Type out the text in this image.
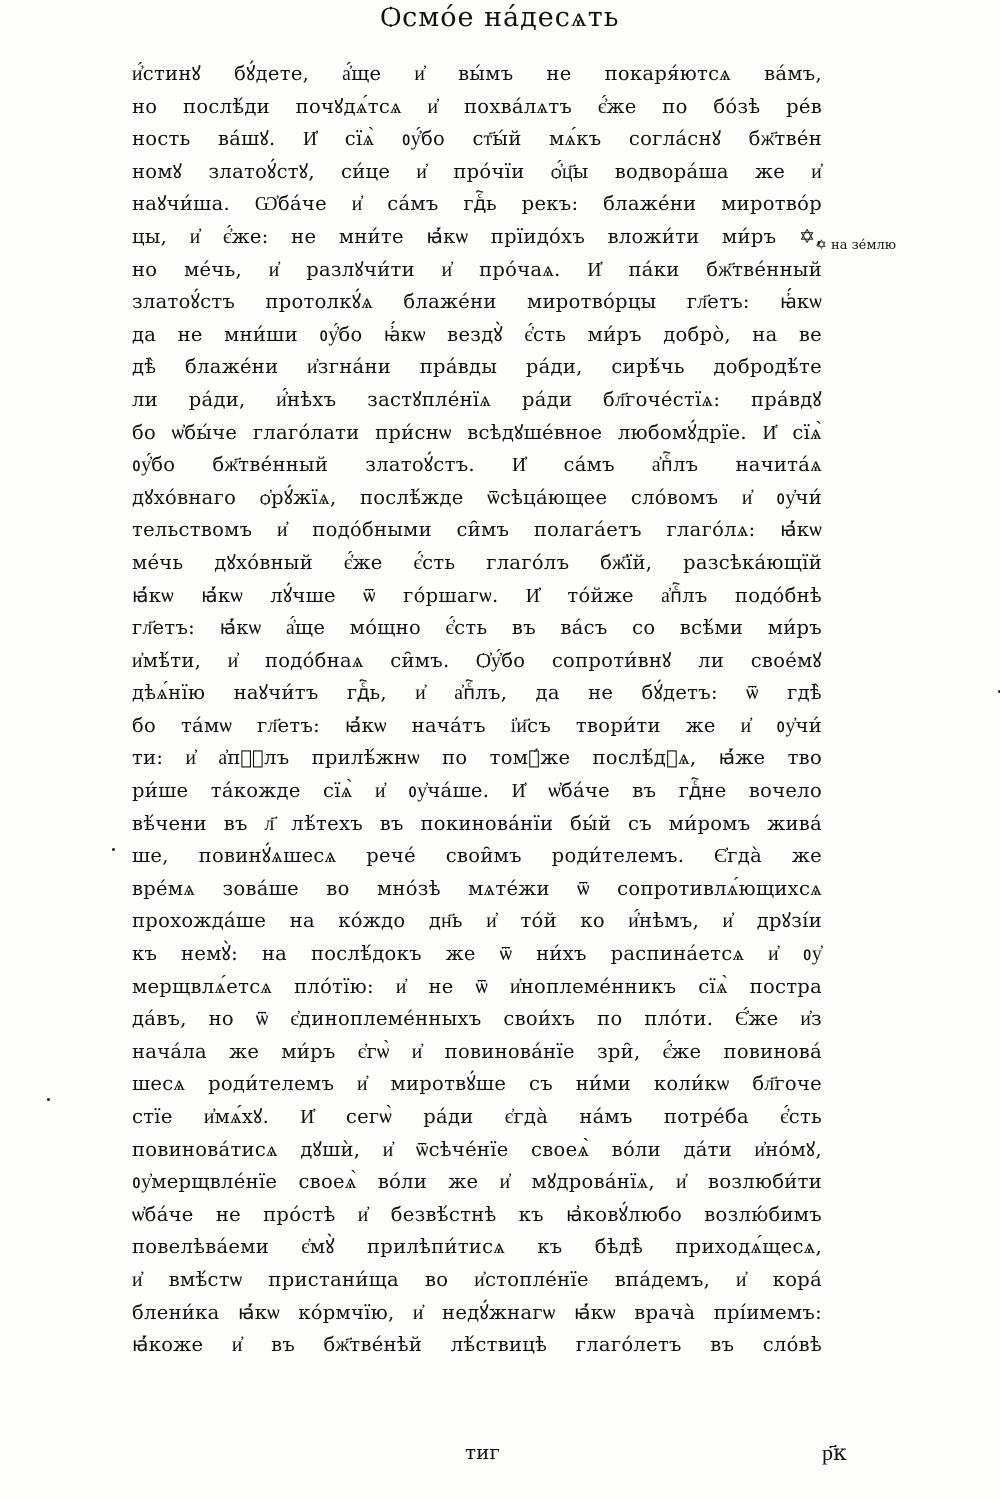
Ѻсмо́е на́десѧть
и҆́стинꙋ бꙋ́дете, а҆́ще и҆ вы́мъ не покаря́ютсѧ ва́мъ,
но послѣ́ди почꙋдѧ́тсѧ и҆ похва́лѧтъ є҆́же по бо́зѣ ре́в
ность ва́шꙋ. И҆ сїѧ̀ ᲂу҆́бо ст҃ы́й мѧ́къ согла́снꙋ бж҃тве́н
номꙋ златоꙋ́стꙋ, си́це и҆ про́чїи ѻ҆́ц҃ы водвора́ша же и҆
наꙋчи́ша. Ѡ҆ба́че и҆ са́мъ гдⷭ҇ь рекъ: блаже́ни миротво́р
цы, и҆ є҆́же: не мни́те ꙗ҆́кѡ прїидо́хъ вложи́ти ми́ръ ✡,
но ме́чь, и҆ разлꙋчи́ти и҆ про́чаѧ. И҆ па́ки бж҃тве́нный
златоꙋ́стъ протолкꙋ́ѧ блаже́ни миротво́рцы гл҃етъ: ꙗ҆́кѡ
да не мни́ши ᲂу҆́бо ꙗ҆́кѡ вездꙋ̀ є҆́сть ми́ръ добро̀, на ве
дѣ̀ блаже́ни и҆згна́ни пра́вды ра́ди, сирѣ́чь добродѣ́те
ли ра́ди, и҆́нѣхъ застꙋпле́нїѧ ра́ди бл҃гоче́стїѧ: пра́вдꙋ
бо ѡ҆бы́че глаго́лати при́снѡ всѣдꙋше́вное любомꙋ́дрїе. И҆ сїѧ̀
ᲂу҆́бо бж҃тве́нный златоꙋ́стъ. И҆ са́мъ а҆пⷭ҇лъ начита́ѧ
дꙋхо́внаго ѻ҆рꙋ́жїѧ, послѣ́жде ѿсѣца́ющее сло́вомъ и҆ ᲂу҆чи́
тельствомъ и҆ подо́бными си̑мъ полага́етъ глаго́лѧ: ꙗ҆́кѡ
ме́чь дꙋхо́вный є҆́же є҆́сть глаго́лъ бж҃їй, разсѣка́ющїй
ꙗ҆́кѡ ꙗ҆́кѡ лꙋ́чше ѿ го́ршагѡ. И҆ то́йже а҆пⷭ҇лъ подо́бнѣ
гл҃етъ: ꙗ҆́кѡ а҆́ще мо́щно є҆́сть въ ва́съ со всѣ́ми ми́ръ
и҆мѣ́ти, и҆ подо́бнаѧ си̑мъ. Ѻ҆у҆́бо сопроти́внꙋ ли свое́мꙋ
дѣѧ́нїю наꙋчи́тъ гдⷭ҇ь, и҆ а҆пⷭ҇лъ, да не бꙋ́детъ: ѿ гдѣ̀
бо та́мѡ гл҃етъ: ꙗ҆́кѡ нача́тъ і҆и҃съ твори́ти же и҆ ᲂу҆чи́
ти: и҆ а҆пⷭ҇лъ прилѣ́жнѡ по томꙋ́же послѣ́дꙋѧ, ꙗ҆́же тво
ри́ше та́кожде сїѧ̀ и҆ ᲂу҆ча́ше. И҆ ѡ҆ба́че въ гдⷭ҇не вочело
вѣ́чени въ л҃ лѣ́техъ въ покинова́нїи бы́й съ ми́ромъ жива́
ше, повинꙋ́ѧшесѧ рече́ свои̑мъ роди́телемъ. Є҆гда̀ же
вре́мѧ зова́ше во мно́зѣ мѧте́жи ѿ сопротивлѧ́ющихсѧ
прохожда́ше на ко́ждо дн҃ь и҆ то́й ко и҆́нѣмъ, и҆ дрꙋзі́и
къ немꙋ̀: на послѣ́докъ же ѿ ни́хъ распина́етсѧ и҆ ᲂу҆
мерщвлѧ́етсѧ пло́тїю: и҆ не ѿ и҆ноплеме́нникъ сїѧ̀ постра
да́въ, но ѿ є҆диноплеме́нныхъ свои́хъ по пло́ти. Є҆́же и҆з
нача́ла же ми́ръ є҆гѡ̀ и҆ повинова́нїе зри̑, є҆́же повинова́
шесѧ роди́телемъ и҆ миротвꙋ́ше съ ни́ми коли́кѡ бл҃гоче
стїе и҆мѧ́хꙋ. И҆ сегѡ̀ ра́ди є҆гда̀ на́мъ потре́ба є҆́сть
повинова́тисѧ дꙋшѝ, и҆ ѿсѣче́нїе своеѧ̀ во́ли да́ти и҆но́мꙋ,
ᲂу҆мерщвле́нїе своеѧ̀ во́ли же и҆ мꙋдрова́нїѧ, и҆ возлюби́ти
ѡ҆ба́че не про́стѣ и҆ безвѣ́стнѣ къ ꙗ҆ковꙋ́любо возлю́бимъ
повелѣва́еми є҆мꙋ̀ прилѣпи́тисѧ къ бѣдѣ̀ приходѧ́щесѧ,
и҆ вмѣ́стѡ пристани́ща во и҆стопле́нїе впа́демъ, и҆ кора́
блени́ка ꙗ҆́кѡ ко́рмчїю, и҆ недꙋ́жнагѡ ꙗ҆́кѡ врача̀ прі́имемъ:
ꙗ҆́коже и҆ въ бж҃тве́нѣй лѣ́ствицѣ глаго́летъ въ сло́вѣ
✡ на зе́млю
тиг	р҃к
